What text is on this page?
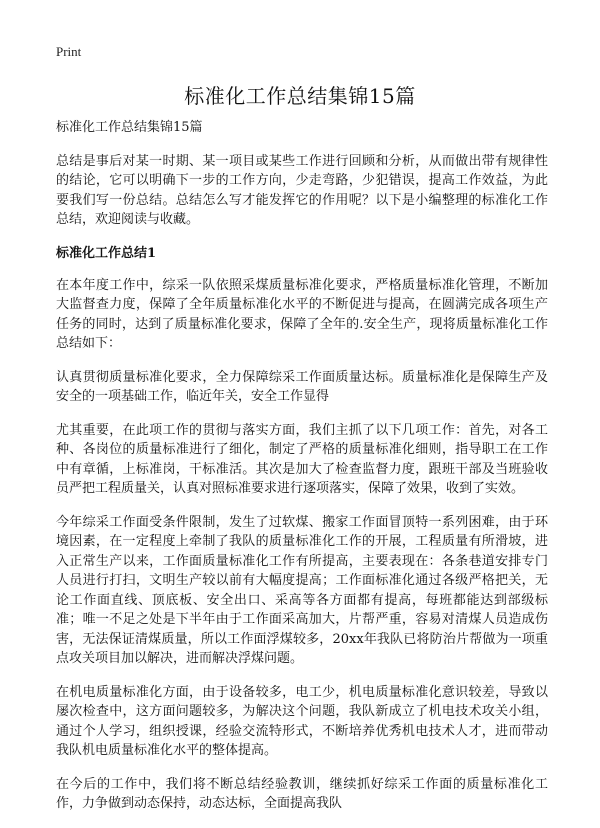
Print
标准化工作总结集锦15篇

标准化工作总结集锦15篇

总结是事后对某一时期、某一项目或某些工作进行回顾和分析，从而做出带有规律性的结论，它可以明确下一步的工作方向，少走弯路，少犯错误，提高工作效益，为此要我们写一份总结。总结怎么写才能发挥它的作用呢？以下是小编整理的标准化工作总结，欢迎阅读与收藏。

标准化工作总结1

在本年度工作中，综采一队依照采煤质量标准化要求，严格质量标准化管理，不断加大监督查力度，保障了全年质量标准化水平的不断促进与提高，在圆满完成各项生产任务的同时，达到了质量标准化要求，保障了全年的.安全生产，现将质量标准化工作总结如下：

认真贯彻质量标准化要求，全力保障综采工作面质量达标。质量标准化是保障生产及安全的一项基础工作，临近年关，安全工作显得

尤其重要，在此项工作的贯彻与落实方面，我们主抓了以下几项工作：首先，对各工种、各岗位的质量标准进行了细化，制定了严格的质量标准化细则，指导职工在工作中有章循，上标准岗，干标准活。其次是加大了检查监督力度，跟班干部及当班验收员严把工程质量关，认真对照标准要求进行逐项落实，保障了效果，收到了实效。

今年综采工作面受条件限制，发生了过软煤、搬家工作面冒顶特一系列困难，由于环境因素，在一定程度上牵制了我队的质量标准化工作的开展，工程质量有所滑坡，进入正常生产以来，工作面质量标准化工作有所提高，主要表现在：各条巷道安排专门人员进行打扫，文明生产较以前有大幅度提高；工作面标准化通过各级严格把关，无论工作面直线、顶底板、安全出口、采高等各方面都有提高，每班都能达到部级标准；唯一不足之处是下半年由于工作面采高加大，片帮严重，容易对清煤人员造成伤害，无法保证清煤质量，所以工作面浮煤较多，20xx年我队已将防治片帮做为一项重点攻关项目加以解决，进而解决浮煤问题。

在机电质量标准化方面，由于设备较多，电工少，机电质量标准化意识较差，导致以屡次检查中，这方面问题较多，为解决这个问题，我队新成立了机电技术攻关小组，通过个人学习，组织授课，经验交流特形式，不断培养优秀机电技术人才，进而带动我队机电质量标准化水平的整体提高。

在今后的工作中，我们将不断总结经验教训，继续抓好综采工作面的质量标准化工作，力争做到动态保持，动态达标，全面提高我队
